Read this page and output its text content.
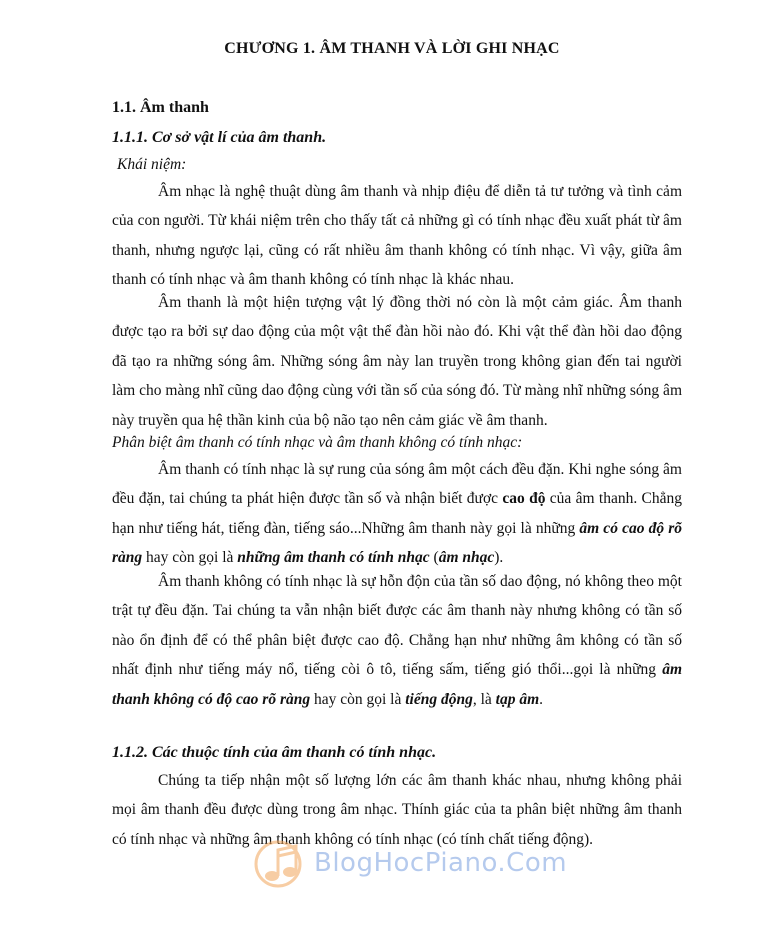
CHƯƠNG 1. ÂM THANH VÀ LỜI GHI NHẠC
1.1. Âm thanh
1.1.1. Cơ sở vật lí của âm thanh.
Khái niệm:

Âm nhạc là nghệ thuật dùng âm thanh và nhịp điệu để diễn tả tư tưởng và tình cảm của con người. Từ khái niệm trên cho thấy tất cả những gì có tính nhạc đều xuất phát từ âm thanh, nhưng ngược lại, cũng có rất nhiều âm thanh không có tính nhạc. Vì vậy, giữa âm thanh có tính nhạc và âm thanh không có tính nhạc là khác nhau.

Âm thanh là một hiện tượng vật lý đồng thời nó còn là một cảm giác. Âm thanh được tạo ra bởi sự dao động của một vật thể đàn hồi nào đó. Khi vật thể đàn hồi dao động đã tạo ra những sóng âm. Những sóng âm này lan truyền trong không gian đến tai người làm cho màng nhĩ cũng dao động cùng với tần số của sóng đó. Từ màng nhĩ những sóng âm này truyền qua hệ thần kinh của bộ não tạo nên cảm giác về âm thanh.

Phân biệt âm thanh có tính nhạc và âm thanh không có tính nhạc:

Âm thanh có tính nhạc là sự rung của sóng âm một cách đều đặn. Khi nghe sóng âm đều đặn, tai chúng ta phát hiện được tần số và nhận biết được cao độ của âm thanh. Chẳng hạn như tiếng hát, tiếng đàn, tiếng sáo...Những âm thanh này gọi là những âm có cao độ rõ ràng hay còn gọi là những âm thanh có tính nhạc (âm nhạc).

Âm thanh không có tính nhạc là sự hỗn độn của tần số dao động, nó không theo một trật tự đều đặn. Tai chúng ta vẫn nhận biết được các âm thanh này nhưng không có tần số nào ổn định để có thể phân biệt được cao độ. Chẳng hạn như những âm không có tần số nhất định như tiếng máy nổ, tiếng còi ô tô, tiếng sấm, tiếng gió thổi...gọi là những âm thanh không có độ cao rõ ràng hay còn gọi là tiếng động, là tạp âm.

1.1.2. Các thuộc tính của âm thanh có tính nhạc.

Chúng ta tiếp nhận một số lượng lớn các âm thanh khác nhau, nhưng không phải mọi âm thanh đều được dùng trong âm nhạc. Thính giác của ta phân biệt những âm thanh có tính nhạc và những âm thanh không có tính nhạc (có tính chất tiếng động).

BlogHocPiano.Com
